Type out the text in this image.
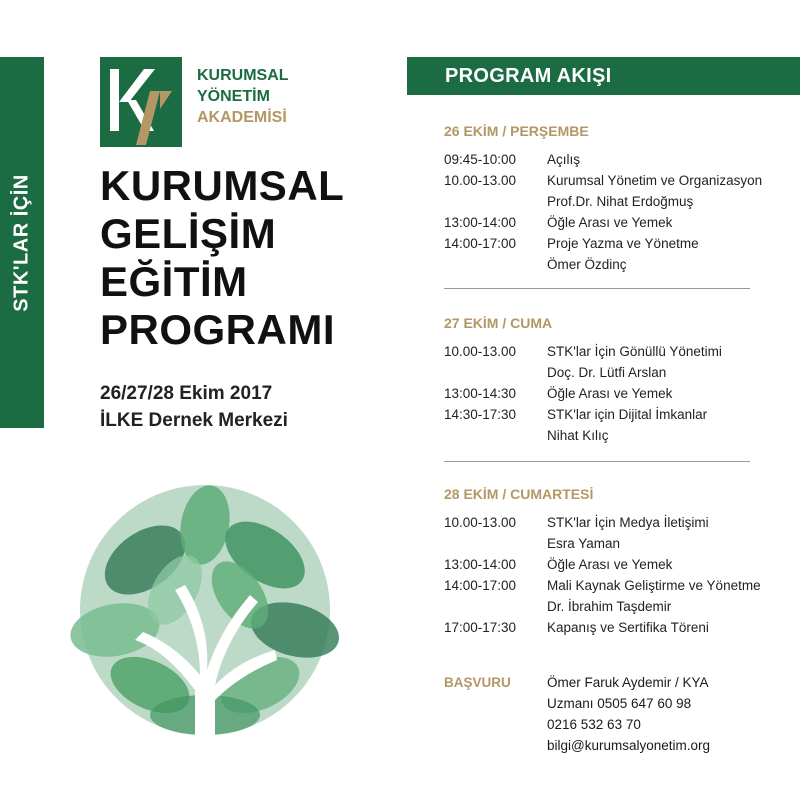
STK'LAR İÇİN
KURUMSAL
YÖNETİM
AKADEMİSİ
KURUMSAL
GELİŞİM
EĞİTİM
PROGRAMI
26/27/28 Ekim 2017
İLKE Dernek Merkezi
PROGRAM AKIŞI
26 EKİM / PERŞEMBE
09:45-10:00	Açılış
10.00-13.00	Kurumsal Yönetim ve Organizasyon
Prof.Dr. Nihat Erdoğmuş
13:00-14:00	Öğle Arası ve Yemek
14:00-17:00	Proje Yazma ve Yönetme
Ömer Özdinç
27 EKİM / CUMA
10.00-13.00	STK'lar İçin Gönüllü Yönetimi
Doç. Dr. Lütfi Arslan
13:00-14:30	Öğle Arası ve Yemek
14:30-17:30	STK'lar için Dijital İmkanlar
Nihat Kılıç
28 EKİM / CUMARTESİ
10.00-13.00	STK'lar İçin Medya İletişimi
Esra Yaman
13:00-14:00	Öğle Arası ve Yemek
14:00-17:00	Mali Kaynak Geliştirme ve Yönetme
Dr. İbrahim Taşdemir
17:00-17:30	Kapanış ve Sertifika Töreni
BAŞVURU	Ömer Faruk Aydemir / KYA
Uzmanı 0505 647 60 98
0216 532 63 70
bilgi@kurumsalyonetim.org
